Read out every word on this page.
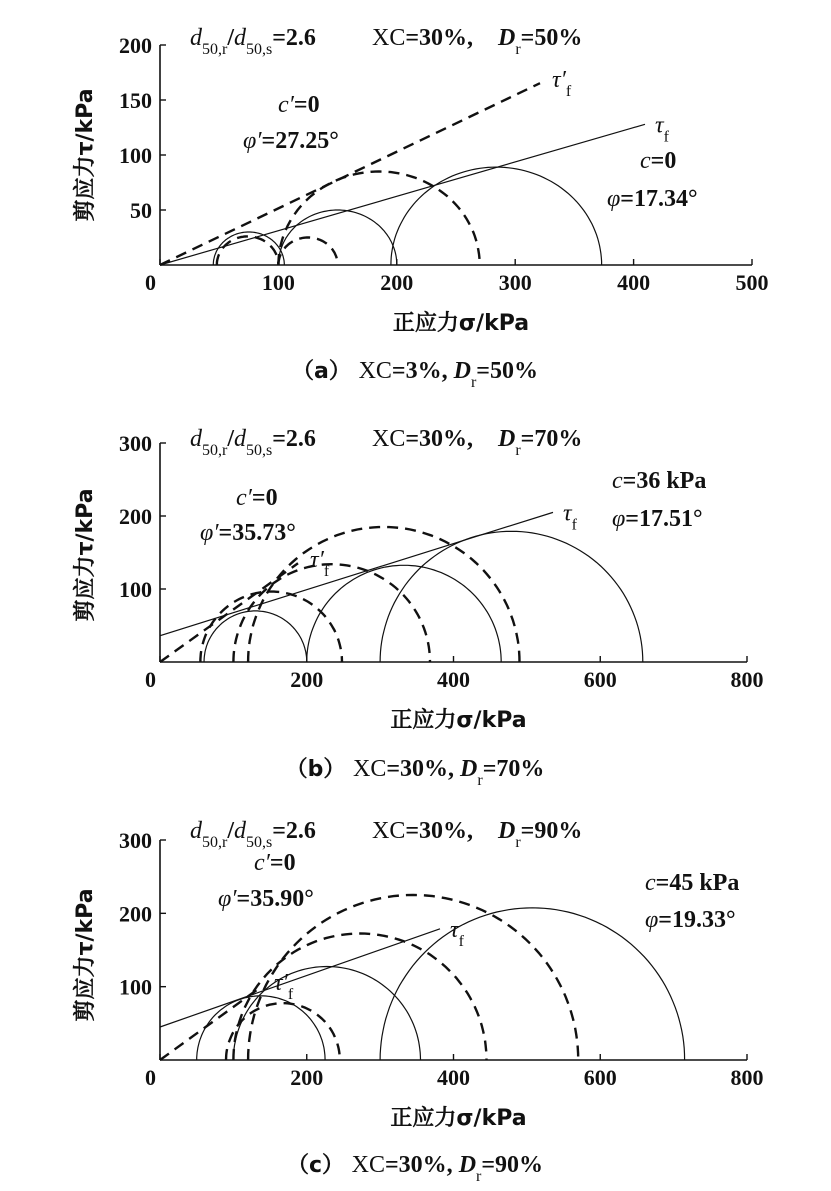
0	100	200	300	400	500
50
100
150
200
正应力σ/kPa
剪应力τ/kPa
$\tau'_f$
$\tau_f$
c′=0
φ′=27.25°
c=0
φ=17.34°
$d_{50,r}/d_{50,s}=2.6$ XC=30%, $D_r=50\%$
（a） XC=3%, $D_r=50\%$
0	200	400	600	800
100
200
300
正应力σ/kPa
剪应力τ/kPa	$\tau'_f$
$\tau_f$
c′=0
φ′=35.73°
c=36 kPa
φ=17.51°
$d_{50,r}/d_{50,s}=2.6$ XC=30%, $D_r=70\%$
（b） XC=30%, $D_r=70\%$
0	200	400	600	800
100
200
300
正应力σ/kPa
剪应力τ/kPa	$\tau'_f$
$\tau_f$
c′=0
φ′=35.90°
c=45 kPa
φ=19.33°
$d_{50,r}/d_{50,s}=2.6$ XC=30%, $D_r=90\%$
（c） XC=30%, $D_r=90\%$
